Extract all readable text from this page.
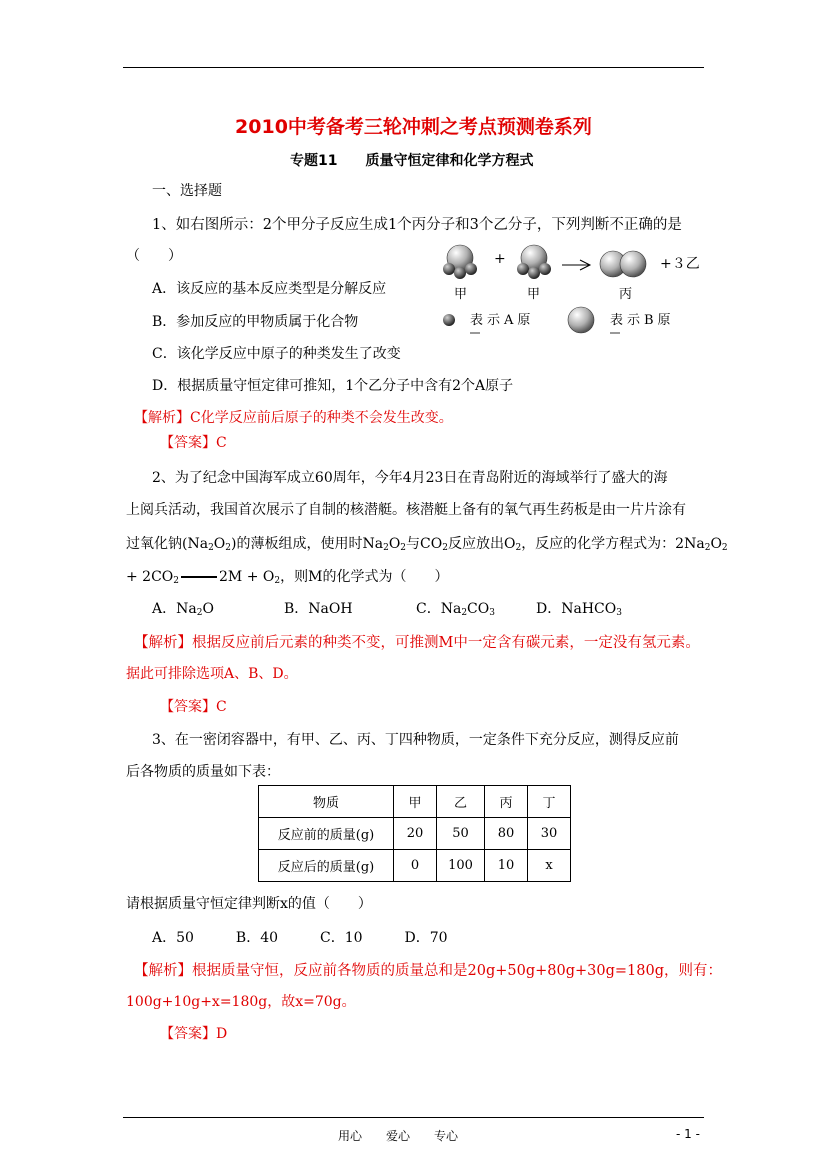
2010中考备考三轮冲刺之考点预测卷系列
专题11　　质量守恒定律和化学方程式
一、选择题
1、如右图所示：2个甲分子反应生成1个丙分子和3个乙分子，下列判断不正确的是
（　　）
A．该反应的基本反应类型是分解反应
B．参加反应的甲物质属于化合物
C．该化学反应中原子的种类发生了改变
D．根据质量守恒定律可推知，1个乙分子中含有2个A原子
【解析】C化学反应前后原子的种类不会发生改变。
【答案】C
+	+３乙
甲	甲	丙
表示A原	表示B原
2、为了纪念中国海军成立60周年，今年4月23日在青岛附近的海域举行了盛大的海
上阅兵活动，我国首次展示了自制的核潜艇。核潜艇上备有的氧气再生药板是由一片片涂有
过氧化钠$(Na_2O_2)$的薄板组成，使用时$Na_2O_2$与$CO_2$反应放出$O_2$，反应的化学方程式为：$2Na_2O_2$
+ $2CO_2$	$2M + O_2$，则M的化学式为（　　）
A．$Na_2O$	B．NaOH	C．$Na_2CO_3$	D．NaHCO$_3$
【解析】根据反应前后元素的种类不变，可推测M中一定含有碳元素，一定没有氢元素。
据此可排除选项A、B、D。
【答案】C
3、在一密闭容器中，有甲、乙、丙、丁四种物质，一定条件下充分反应，测得反应前
后各物质的质量如下表：
物质	甲	乙	丙	丁
反应前的质量(g)	20	50	80	30
反应后的质量(g)	0	100	10	x
请根据质量守恒定律判断x的值（　　）
A．50　　　B．40　　　C．10　　　D．70
【解析】根据质量守恒，反应前各物质的质量总和是20g+50g+80g+30g=180g，则有：
100g+10g+x=180g，故x=70g。
【答案】D
用心　　爱心　　专心	- 1 -
